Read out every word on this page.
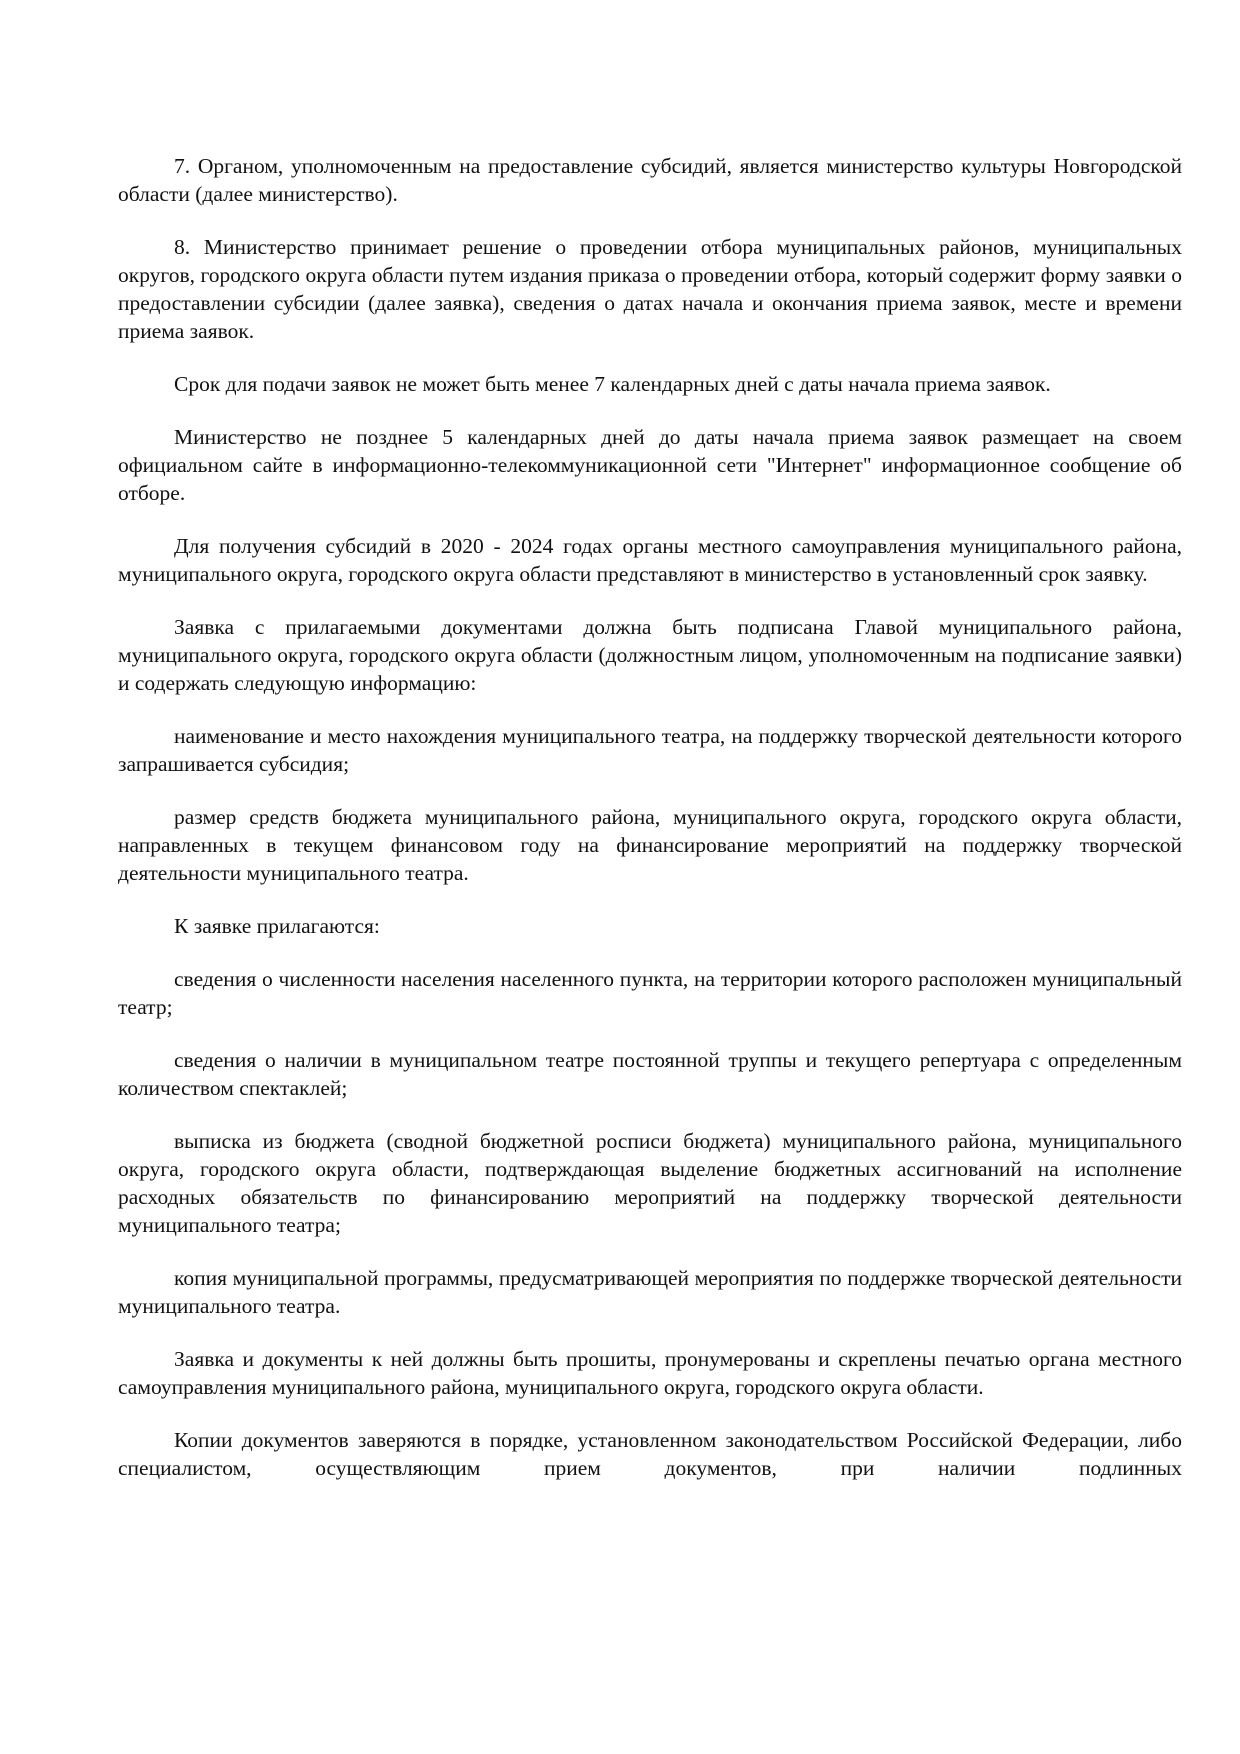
7. Органом, уполномоченным на предоставление субсидий, является министерство культуры Новгородской области (далее министерство).

8. Министерство принимает решение о проведении отбора муниципальных районов, муниципальных округов, городского округа области путем издания приказа о проведении отбора, который содержит форму заявки о предоставлении субсидии (далее заявка), сведения о датах начала и окончания приема заявок, месте и времени приема заявок.

Срок для подачи заявок не может быть менее 7 календарных дней с даты начала приема заявок.

Министерство не позднее 5 календарных дней до даты начала приема заявок размещает на своем официальном сайте в информационно-телекоммуникационной сети "Интернет" информационное сообщение об отборе.

Для получения субсидий в 2020 - 2024 годах органы местного самоуправления муниципального района, муниципального округа, городского округа области представляют в министерство в установленный срок заявку.

Заявка с прилагаемыми документами должна быть подписана Главой муниципального района, муниципального округа, городского округа области (должностным лицом, уполномоченным на подписание заявки) и содержать следующую информацию:

наименование и место нахождения муниципального театра, на поддержку творческой деятельности которого запрашивается субсидия;

размер средств бюджета муниципального района, муниципального округа, городского округа области, направленных в текущем финансовом году на финансирование мероприятий на поддержку творческой деятельности муниципального театра.

К заявке прилагаются:

сведения о численности населения населенного пункта, на территории которого расположен муниципальный театр;

сведения о наличии в муниципальном театре постоянной труппы и текущего репертуара с определенным количеством спектаклей;

выписка из бюджета (сводной бюджетной росписи бюджета) муниципального района, муниципального округа, городского округа области, подтверждающая выделение бюджетных ассигнований на исполнение расходных обязательств по финансированию мероприятий на поддержку творческой деятельности муниципального театра;

копия муниципальной программы, предусматривающей мероприятия по поддержке творческой деятельности муниципального театра.

Заявка и документы к ней должны быть прошиты, пронумерованы и скреплены печатью органа местного самоуправления муниципального района, муниципального округа, городского округа области.

Копии документов заверяются в порядке, установленном законодательством Российской Федерации, либо специалистом, осуществляющим прием документов, при наличии подлинных
